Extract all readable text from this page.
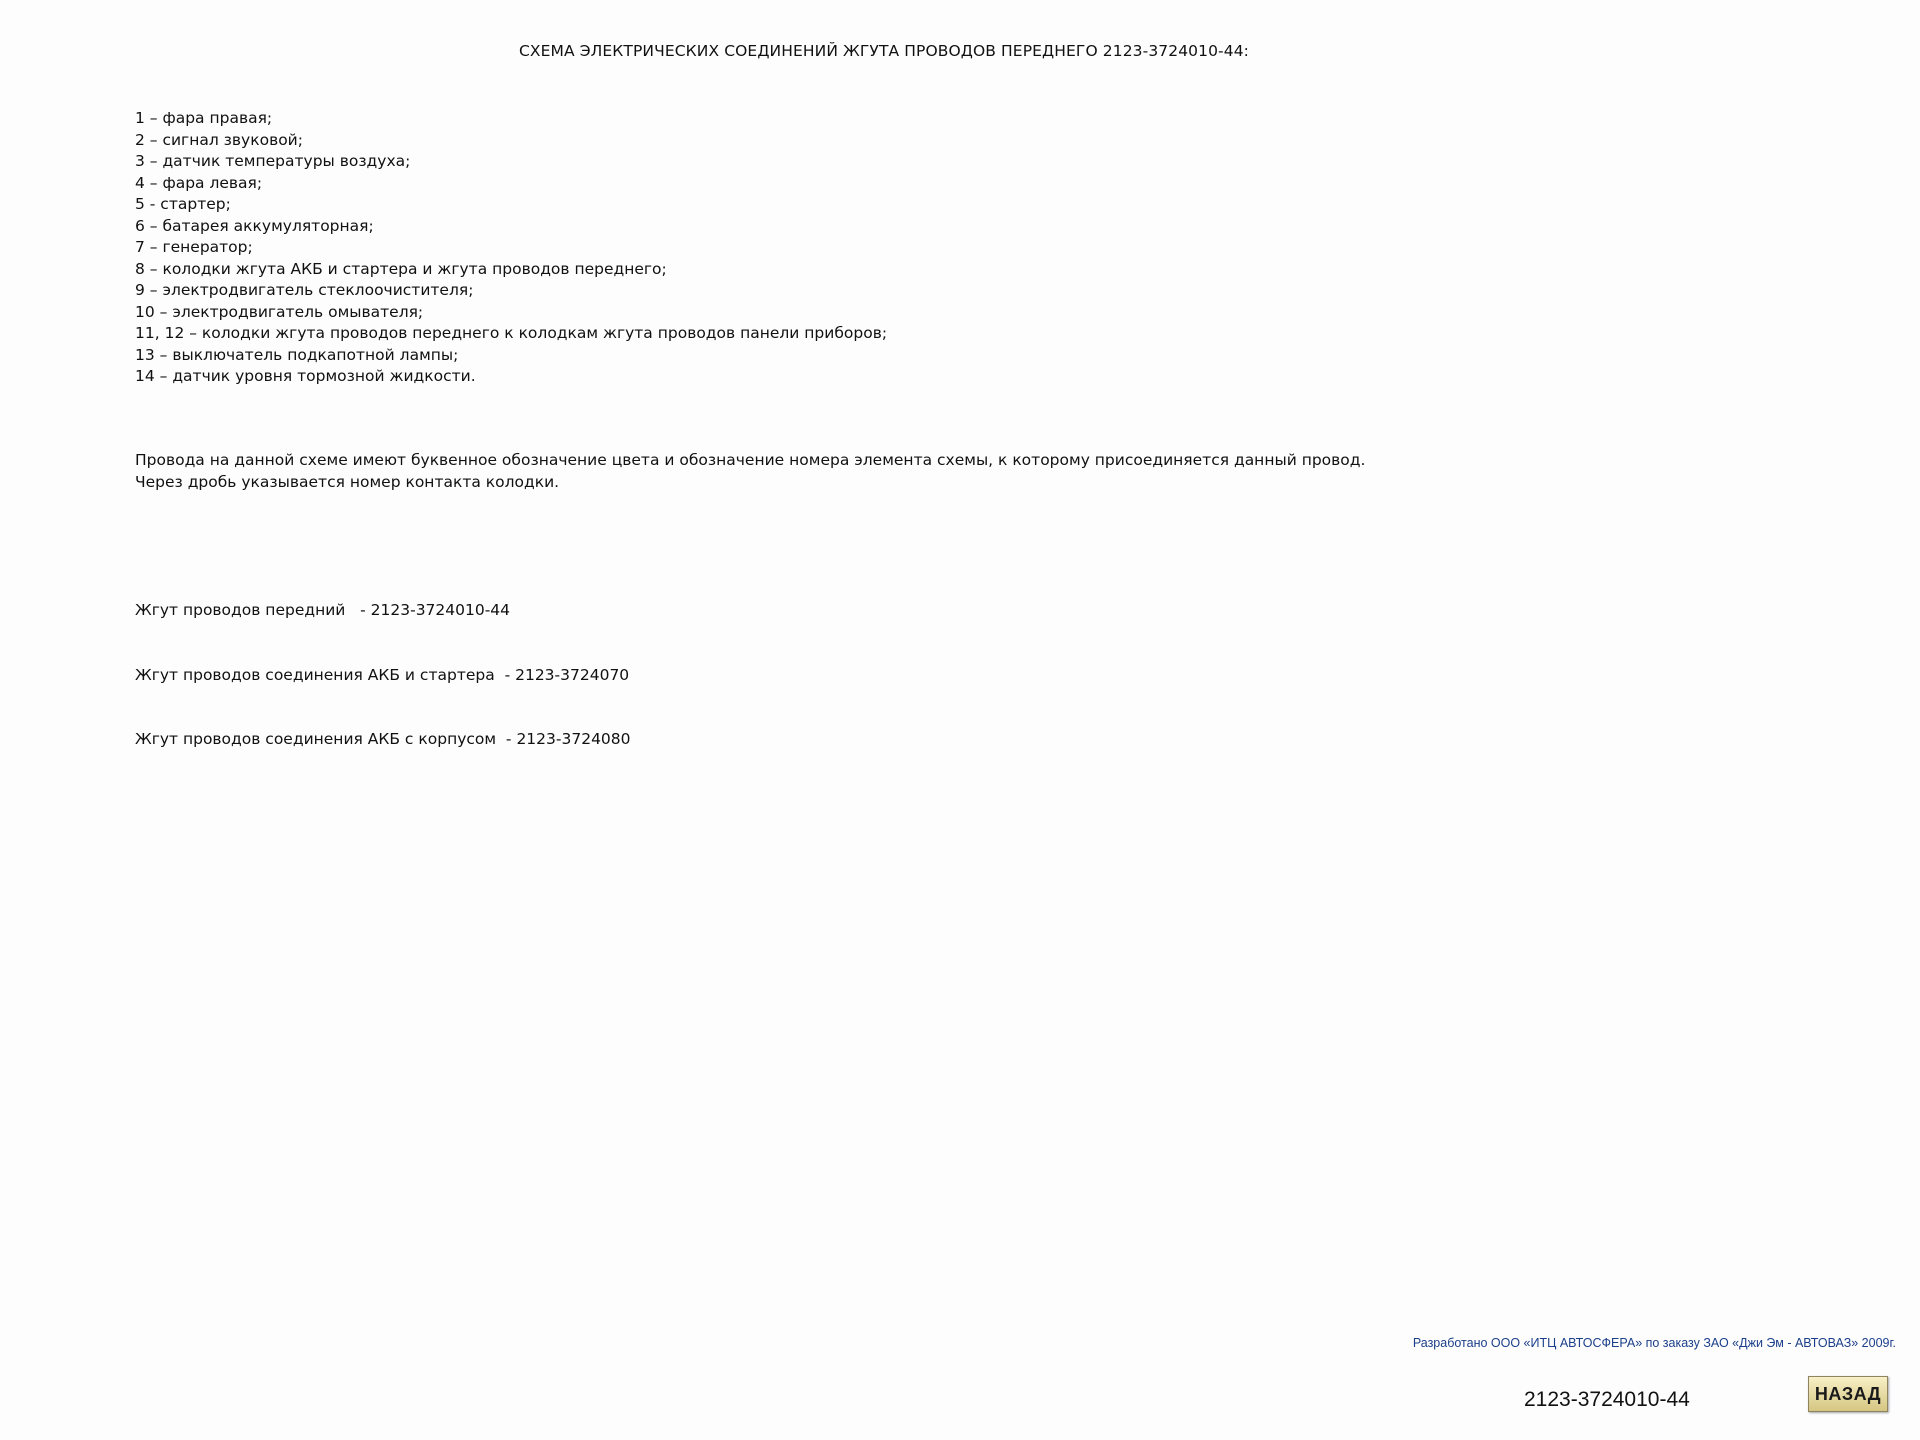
СХЕМА ЭЛЕКТРИЧЕСКИХ СОЕДИНЕНИЙ ЖГУТА ПРОВОДОВ ПЕРЕДНЕГО 2123-3724010-44:
1 – фара правая;
2 – сигнал звуковой;
3 – датчик температуры воздуха;
4 – фара левая;
5 - стартер;
6 – батарея аккумуляторная;
7 – генератор;
8 – колодки жгута АКБ и стартера и жгута проводов переднего;
9 – электродвигатель стеклоочистителя;
10 – электродвигатель омывателя;
11, 12 – колодки жгута проводов переднего к колодкам жгута проводов панели приборов;
13 – выключатель подкапотной лампы;
14 – датчик уровня тормозной жидкости.
Провода на данной схеме имеют буквенное обозначение цвета и обозначение номера элемента схемы, к которому присоединяется данный провод.
Через дробь указывается номер контакта колодки.

Жгут проводов передний   - 2123-3724010-44

Жгут проводов соединения АКБ и стартера  - 2123-3724070

Жгут проводов соединения АКБ с корпусом  - 2123-3724080

Разработано ООО «ИТЦ АВТОСФЕРА» по заказу ЗАО «Джи Эм - АВТОВАЗ» 2009г.
2123-3724010-44	НАЗАД
